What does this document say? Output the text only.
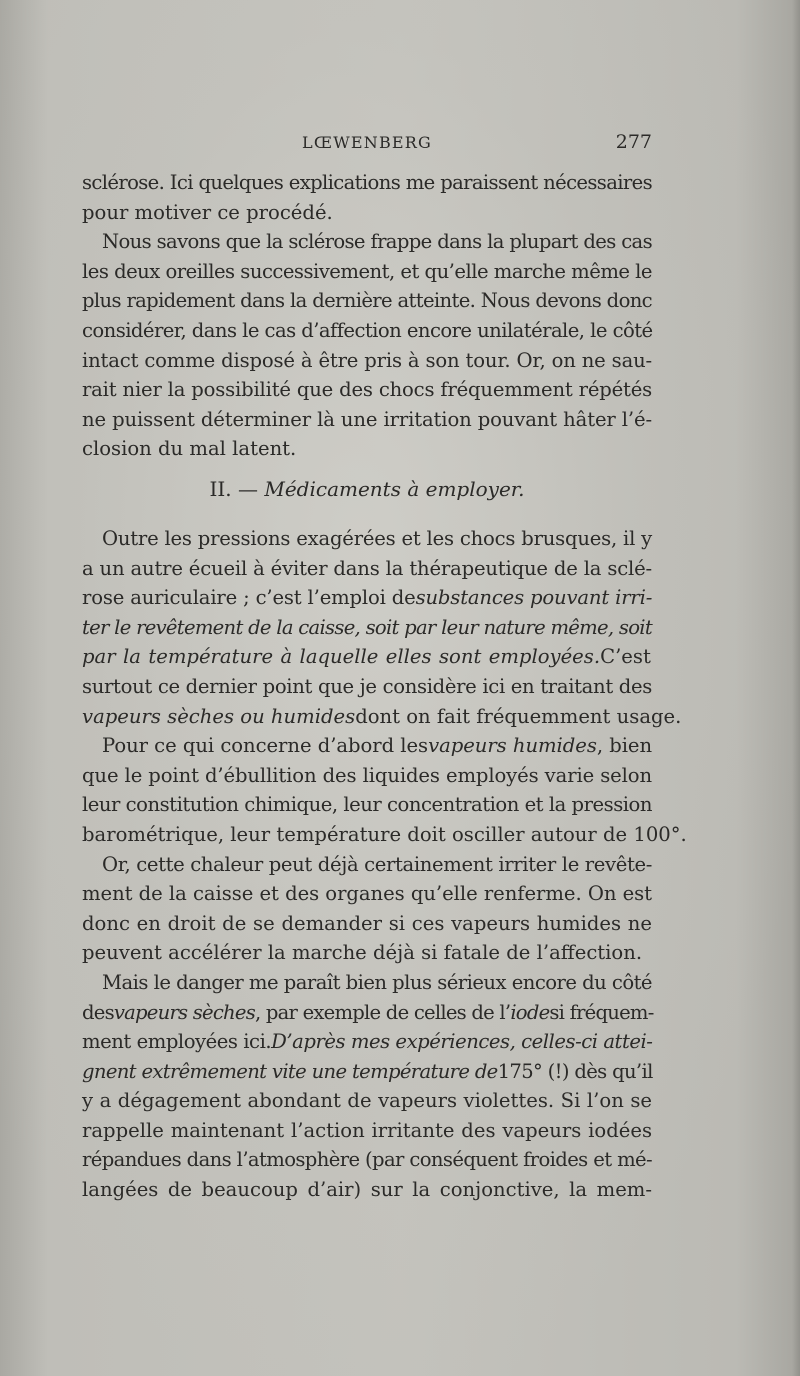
LŒWENBERG	277
sclérose. Ici quelques explications me paraissent nécessaires
pour motiver ce procédé.
Nous savons que la sclérose frappe dans la plupart des cas
les deux oreilles successivement, et qu’elle marche même le
plus rapidement dans la dernière atteinte. Nous devons donc
considérer, dans le cas d’affection encore unilatérale, le côté
intact comme disposé à être pris à son tour. Or, on ne sau-
rait nier la possibilité que des chocs fréquemment répétés
ne puissent déterminer là une irritation pouvant hâter l’é-
closion du mal latent.
II. — Médicaments à employer.
Outre les pressions exagérées et les chocs brusques, il y
a un autre écueil à éviter dans la thérapeutique de la sclé-
rose auriculaire ; c’est l’emploi desubstances pouvant irri-
ter le revêtement de la caisse, soit par leur nature même, soit
par la température à laquelle elles sont employées.C’est
surtout ce dernier point que je considère ici en traitant des
vapeurs sèches ou humidesdont on fait fréquemment usage.
Pour ce qui concerne d’abord lesvapeurs humides, bien
que le point d’ébullition des liquides employés varie selon
leur constitution chimique, leur concentration et la pression
barométrique, leur température doit osciller autour de 100°.
Or, cette chaleur peut déjà certainement irriter le revête-
ment de la caisse et des organes qu’elle renferme. On est
donc en droit de se demander si ces vapeurs humides ne
peuvent accélérer la marche déjà si fatale de l’affection.
Mais le danger me paraît bien plus sérieux encore du côté
desvapeurs sèches, par exemple de celles de l’iodesi fréquem-
ment employées ici.D’après mes expériences, celles-ci attei-
gnent extrêmement vite une température de175° (!) dès qu’il
y a dégagement abondant de vapeurs violettes. Si l’on se
rappelle maintenant l’action irritante des vapeurs iodées
répandues dans l’atmosphère (par conséquent froides et mé-
langées de beaucoup d’air) sur la conjonctive, la mem-
